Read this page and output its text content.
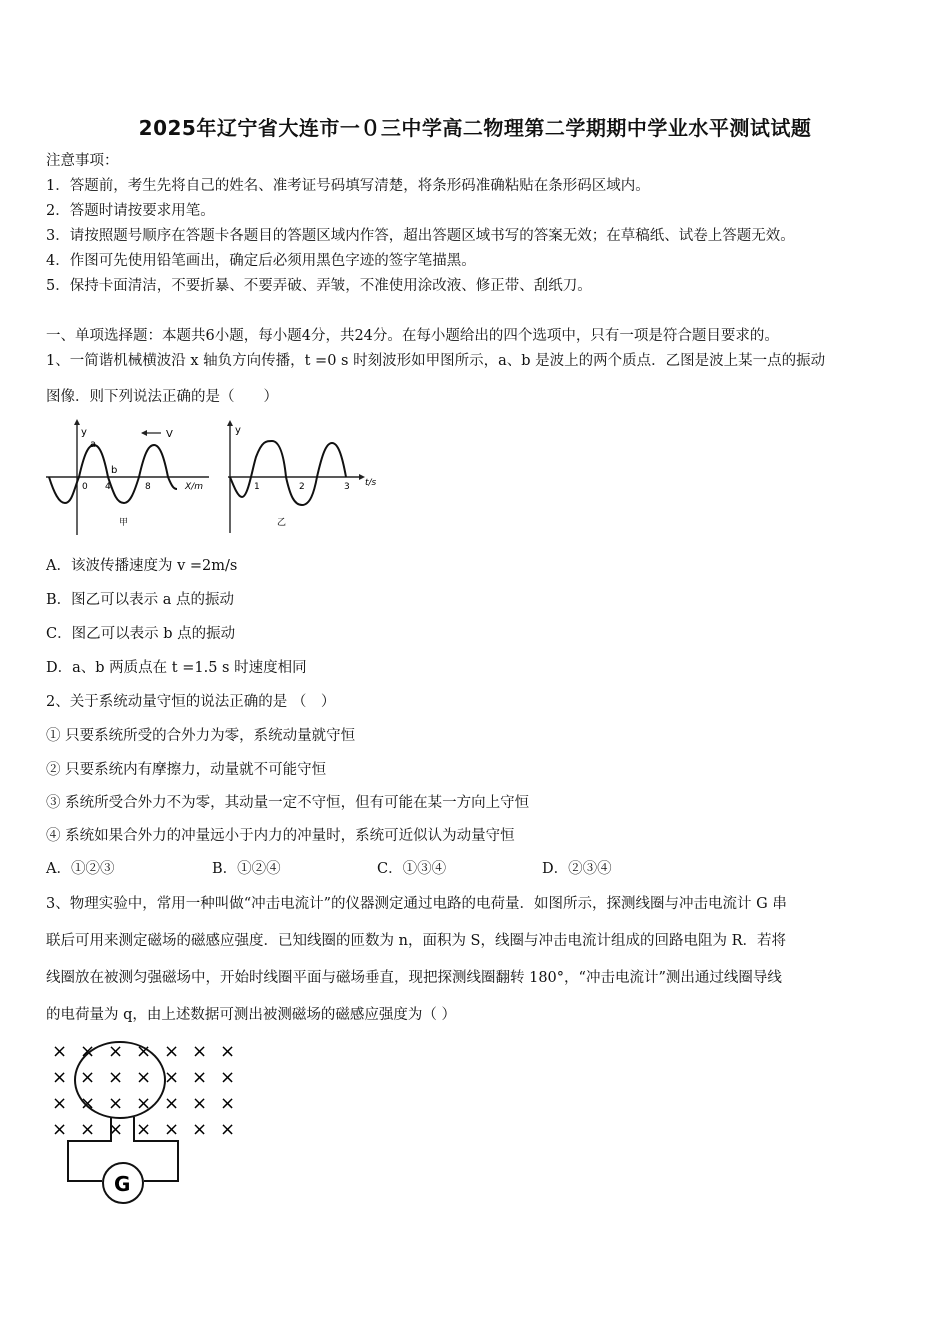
2025年辽宁省大连市一０三中学高二物理第二学期期中学业水平测试试题
注意事项：
1．答题前，考生先将自己的姓名、准考证号码填写清楚，将条形码准确粘贴在条形码区域内。
2．答题时请按要求用笔。
3．请按照题号顺序在答题卡各题目的答题区域内作答，超出答题区域书写的答案无效；在草稿纸、试卷上答题无效。
4．作图可先使用铅笔画出，确定后必须用黑色字迹的签字笔描黑。
5．保持卡面清洁，不要折暴、不要弄破、弄皱，不准使用涂改液、修正带、刮纸刀。
一、单项选择题：本题共6小题，每小题4分，共24分。在每小题给出的四个选项中，只有一项是符合题目要求的。
1、一简谐机械横波沿 x 轴负方向传播，t =0 s 时刻波形如甲图所示，a、b 是波上的两个质点．乙图是波上某一点的振动
图像．则下列说法正确的是（　　）
y
a
b
V
0 4	8	X/m
甲
y
1	2	3 t/s
乙
A．该波传播速度为 v =2m/s
B．图乙可以表示 a 点的振动
C．图乙可以表示 b 点的振动
D．a、b 两质点在 t =1.5 s 时速度相同
2、关于系统动量守恒的说法正确的是 （　）
① 只要系统所受的合外力为零，系统动量就守恒
② 只要系统内有摩擦力，动量就不可能守恒
③ 系统所受合外力不为零，其动量一定不守恒，但有可能在某一方向上守恒
④ 系统如果合外力的冲量远小于内力的冲量时，系统可近似认为动量守恒
A．①②③	B．①②④	C．①③④	D．②③④
3、物理实验中，常用一种叫做“冲击电流计”的仪器测定通过电路的电荷量．如图所示，探测线圈与冲击电流计 G 串
联后可用来测定磁场的磁感应强度．已知线圈的匝数为 n，面积为 S，线圈与冲击电流计组成的回路电阻为 R．若将
线圈放在被测匀强磁场中，开始时线圈平面与磁场垂直，现把探测线圈翻转 180°，“冲击电流计”测出通过线圈导线
的电荷量为 q，由上述数据可测出被测磁场的磁感应强度为（ ）
× × × × × × ×
× × × × × × ×
× × × × × × ×
× × × × × × ×
G
